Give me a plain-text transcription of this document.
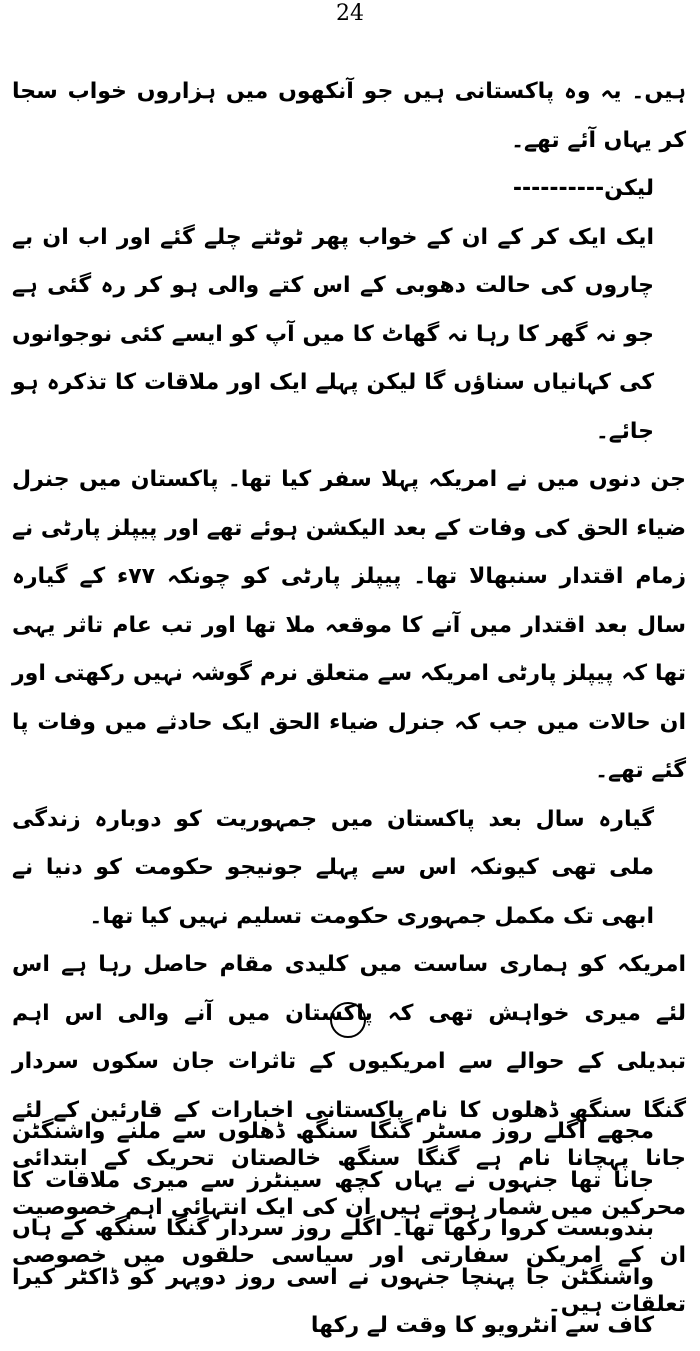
24

ہیں۔ یہ وہ پاکستانی ہیں جو آنکھوں میں ہزاروں خواب سجا کر یہاں آئے تھے۔

لیکن----------

ایک ایک کر کے ان کے خواب پھر ٹوٹتے چلے گئے اور اب ان بے چاروں کی حالت دھوبی کے اس کتے والی ہو کر رہ گئی ہے جو نہ گھر کا رہا نہ گھاٹ کا میں آپ کو ایسے کئی نوجوانوں کی کہانیاں سناؤں گا لیکن پہلے ایک اور ملاقات کا تذکرہ ہو جائے۔

جن دنوں میں نے امریکہ پہلا سفر کیا تھا۔ پاکستان میں جنرل ضیاء الحق کی وفات کے بعد الیکشن ہوئے تھے اور پیپلز پارٹی نے زمام اقتدار سنبھالا تھا۔ پیپلز پارٹی کو چونکہ ۷۷ء کے گیارہ سال بعد اقتدار میں آنے کا موقعہ ملا تھا اور تب عام تاثر یہی تھا کہ پیپلز پارٹی امریکہ سے متعلق نرم گوشہ نہیں رکھتی اور ان حالات میں جب کہ جنرل ضیاء الحق ایک حادثے میں وفات پا گئے تھے۔

گیارہ سال بعد پاکستان میں جمہوریت کو دوبارہ زندگی ملی تھی کیونکہ اس سے پہلے جونیجو حکومت کو دنیا نے ابھی تک مکمل جمہوری حکومت تسلیم نہیں کیا تھا۔

امریکہ کو ہماری ساست میں کلیدی مقام حاصل رہا ہے اس لئے میری خواہش تھی کہ پاکستان میں آنے والی اس اہم تبدیلی کے حوالے سے امریکیوں کے تاثرات جان سکوں سردار گنگا سنگھ ڈھلوں کا نام پاکستانی اخبارات کے قارئین کے لئے جانا پہچانا نام ہے گنگا سنگھ خالصتان تحریک کے ابتدائی محرکین میں شمار ہوتے ہیں ان کی ایک انتہائی اہم خصوصیت ان کے امریکن سفارتی اور سیاسی حلقوں میں خصوصی تعلقات ہیں۔

مجھے اگلے روز مسٹر گنگا سنگھ ڈھلوں سے ملنے واشنگٹن جانا تھا جنہوں نے یہاں کچھ سینٹرز سے میری ملاقات کا بندوبست کروا رکھا تھا۔ اگلے روز سردار گنگا سنگھ کے ہاں واشنگٹن جا پہنچا جنہوں نے اسی روز دوپہر کو ڈاکٹر کیرا کاف سے انٹرویو کا وقت لے رکھا
